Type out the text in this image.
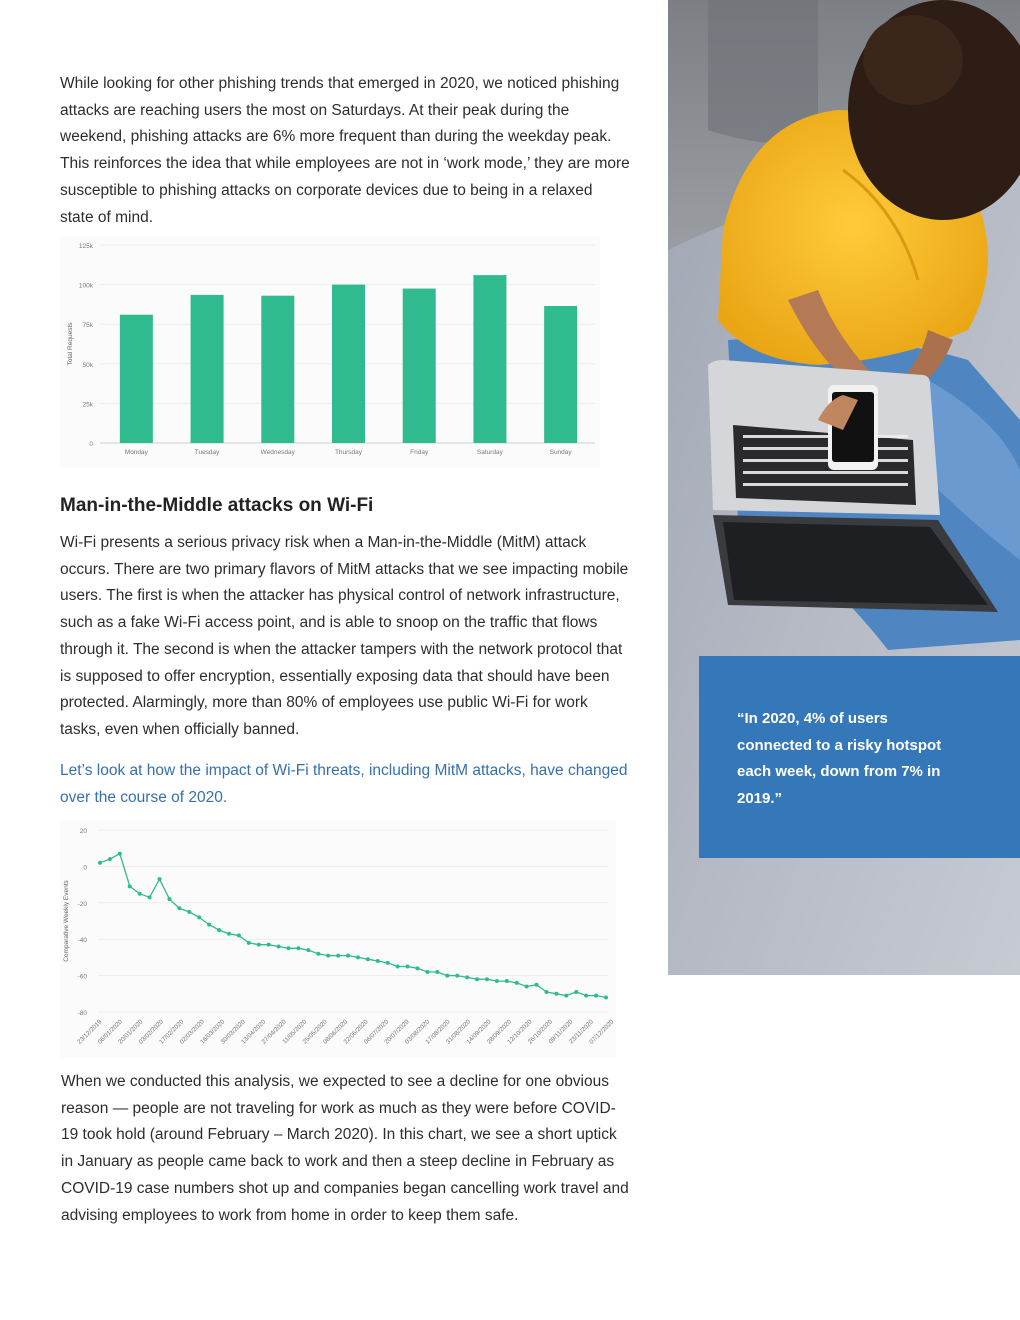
While looking for other phishing trends that emerged in 2020, we noticed phishing attacks are reaching users the most on Saturdays. At their peak during the weekend, phishing attacks are 6% more frequent than during the weekday peak. This reinforces the idea that while employees are not in ‘work mode,’ they are more susceptible to phishing attacks on corporate devices due to being in a relaxed state of mind.

0
25k
50k
75k
100k
125k
Total Requests
Monday	Tuesday	Wednesday	Thursday	Friday	Saturday	Sunday
Man-in-the-Middle attacks on Wi-Fi

Wi-Fi presents a serious privacy risk when a Man-in-the-Middle (MitM) attack occurs. There are two primary flavors of MitM attacks that we see impacting mobile users. The first is when the attacker has physical control of network infrastructure, such as a fake Wi-Fi access point, and is able to snoop on the traffic that flows through it. The second is when the attacker tampers with the network protocol that is supposed to offer encryption, essentially exposing data that should have been protected. Alarmingly, more than 80% of employees use public Wi-Fi for work tasks, even when officially banned.

Let’s look at how the impact of Wi-Fi threats, including MitM attacks, have changed over the course of 2020.

-80
-60
-40
-20
0
20
Comparative Weekly Events
23/12/2019
06/01/2020
20/01/2020
03/02/2020
17/02/2020
02/03/2020
16/03/2020
30/03/2020
13/04/2020
27/04/2020
11/05/2020
25/05/2020
08/06/2020
22/06/2020
06/07/2020
20/07/2020
03/08/2020
17/08/2020
31/08/2020
14/09/2020
28/09/2020
12/10/2020
26/10/2020
09/11/2020
23/11/2020
07/12/2020

When we conducted this analysis, we expected to see a decline for one obvious reason — people are not traveling for work as much as they were before COVID-19 took hold (around February – March 2020). In this chart, we see a short uptick in January as people came back to work and then a steep decline in February as COVID-19 case numbers shot up and companies began cancelling work travel and advising employees to work from home in order to keep them safe.

“In 2020, 4% of users connected to a risky hotspot each week, down from 7% in 2019.”
